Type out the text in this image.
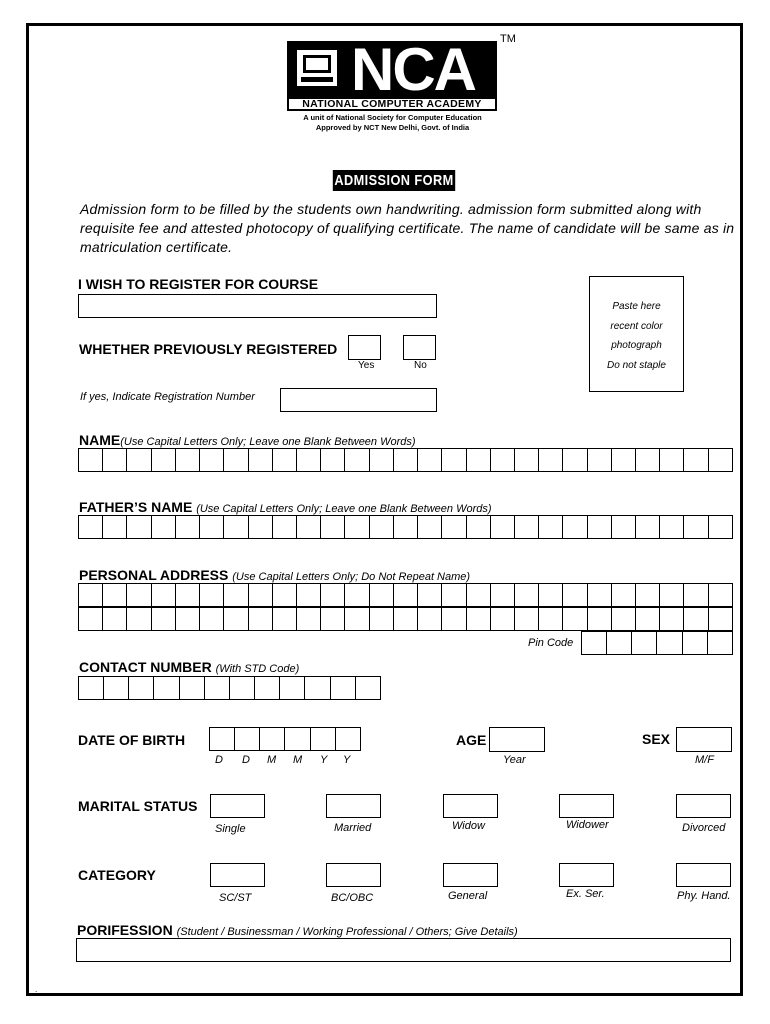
NCA TM
NATIONAL COMPUTER ACADEMY
A unit of National Society for Computer Education
Approved by NCT New Delhi, Govt. of India
ADMISSION FORM
Admission form to be filled by the students own handwriting. admission form submitted along with requisite fee and attested photocopy of qualifying certificate. The name of candidate will be same as in matriculation certificate.
I WISH TO REGISTER FOR COURSE
Paste here
recent color
photograph
Do not staple
WHETHER PREVIOUSLY REGISTERED
Yes	No
If yes, Indicate Registration Number
NAME(Use Capital Letters Only; Leave one Blank Between Words)
FATHER’S NAME (Use Capital Letters Only; Leave one Blank Between Words)
PERSONAL ADDRESS (Use Capital Letters Only; Do Not Repeat Name)
Pin Code
CONTACT NUMBER (With STD Code)
DATE OF BIRTH
D D M M Y Y
AGE
Year
SEX
M/F
MARITAL STATUS
Single	Married	Widow	Widower	Divorced
CATEGORY
SC/ST	BC/OBC	General	Ex. Ser.	Phy. Hand.
PORIFESSION (Student / Businessman / Working Professional / Others; Give Details)
.
